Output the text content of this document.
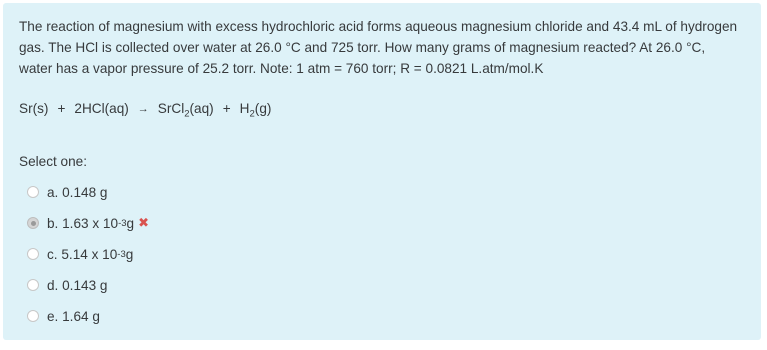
The reaction of magnesium with excess hydrochloric acid forms aqueous magnesium chloride and 43.4 mL of hydrogen gas. The HCl is collected over water at 26.0 °C and 725 torr. How many grams of magnesium reacted? At 26.0 °C, water has a vapor pressure of 25.2 torr. Note: 1 atm = 760 torr; R = 0.0821 L.atm/mol.K

Sr(s) + 2HCl(aq) → SrCl$_2$(aq) + $H_2(g)$
Select one:
a.
0.148 g
b.
1.63 x 10 -3 g ✖
c.
5.14 x 10 -3 g
d.
0.143 g
e.
1.64 g
